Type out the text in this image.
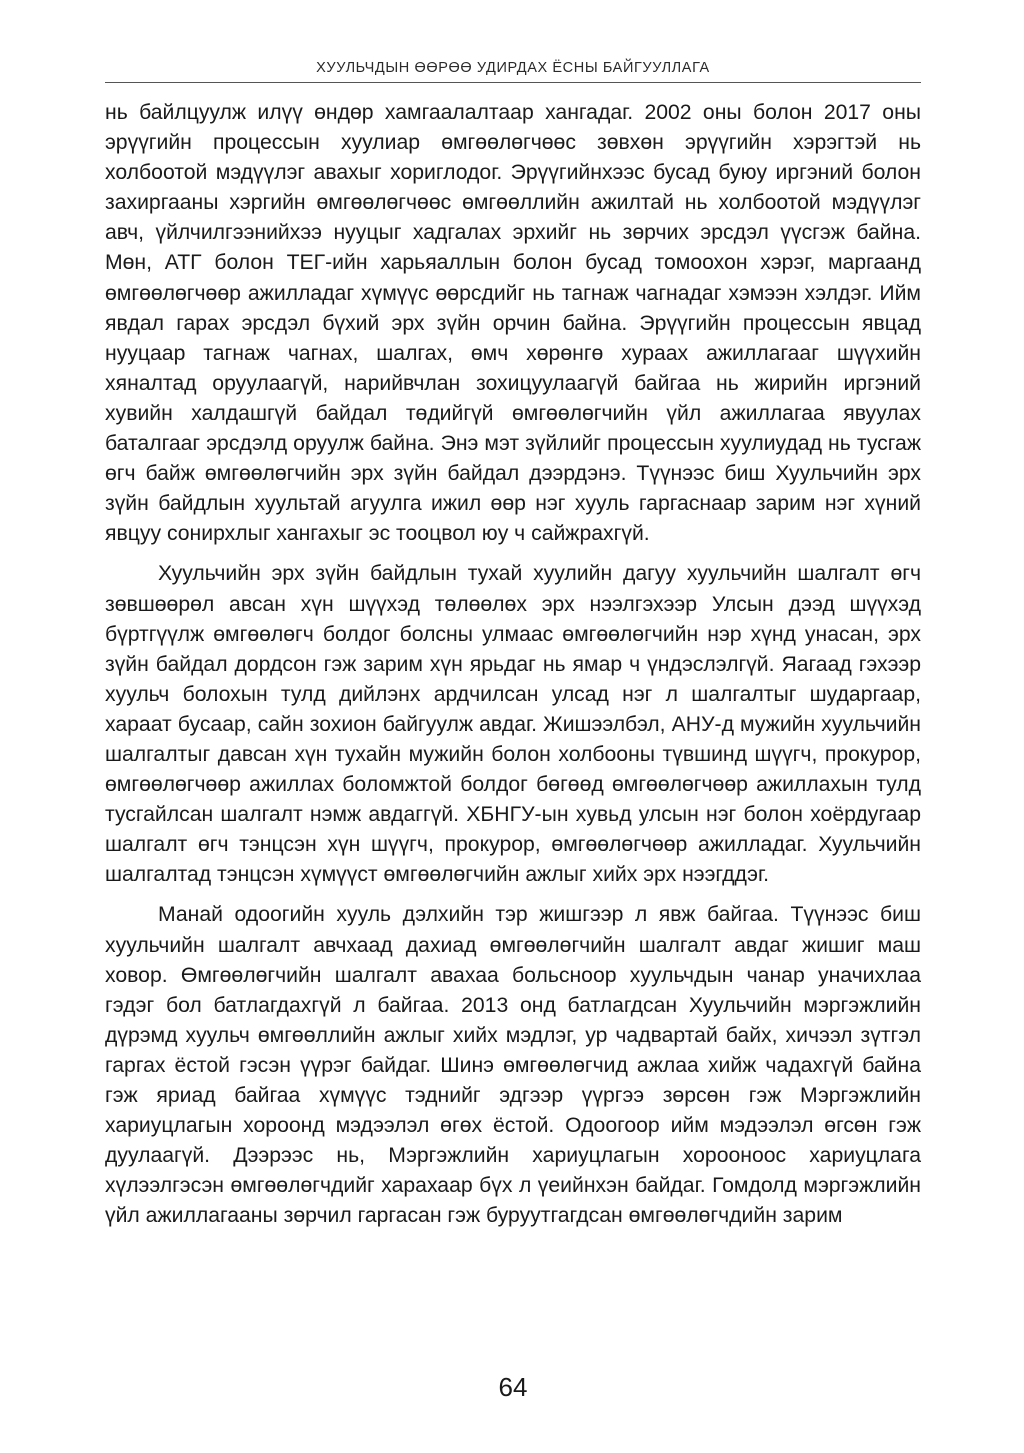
ХУУЛЬЧДЫН ӨӨРӨӨ УДИРДАХ ЁСНЫ БАЙГУУЛЛАГА

нь байлцуулж илүү өндөр хамгаалалтаар хангадаг. 2002 оны болон 2017 оны эрүүгийн процессын хуулиар өмгөөлөгчөөс зөвхөн эрүүгийн хэрэгтэй нь холбоотой мэдүүлэг авахыг хориглодог. Эрүүгийнхээс бусад буюу иргэний болон захиргааны хэргийн өмгөөлөгчөөс өмгөөллийн ажилтай нь холбоотой мэдүүлэг авч, үйлчилгээнийхээ нууцыг хадгалах эрхийг нь зөрчих эрсдэл үүсгэж байна. Мөн, АТГ болон ТЕГ-ийн харьяаллын болон бусад томоохон хэрэг, маргаанд өмгөөлөгчөөр ажилладаг хүмүүс өөрсдийг нь тагнаж чагнадаг хэмээн хэлдэг. Ийм явдал гарах эрсдэл бүхий эрх зүйн орчин байна. Эрүүгийн процессын явцад нууцаар тагнаж чагнах, шалгах, өмч хөрөнгө хураах ажиллагааг шүүхийн хяналтад оруулаагүй, нарийвчлан зохицуулаагүй байгаа нь жирийн иргэний хувийн халдашгүй байдал төдийгүй өмгөөлөгчийн үйл ажиллагаа явуулах баталгааг эрсдэлд оруулж байна. Энэ мэт зүйлийг процессын хуулиудад нь тусгаж өгч байж өмгөөлөгчийн эрх зүйн байдал дээрдэнэ. Түүнээс биш Хуульчийн эрх зүйн байдлын хуультай агуулга ижил өөр нэг хууль гаргаснаар зарим нэг хүний явцуу сонирхлыг хангахыг эс тооцвол юу ч сайжрахгүй.

Хуульчийн эрх зүйн байдлын тухай хуулийн дагуу хуульчийн шалгалт өгч зөвшөөрөл авсан хүн шүүхэд төлөөлөх эрх нээлгэхээр Улсын дээд шүүхэд бүртгүүлж өмгөөлөгч болдог болсны улмаас өмгөөлөгчийн нэр хүнд унасан, эрх зүйн байдал дордсон гэж зарим хүн ярьдаг нь ямар ч үндэслэлгүй. Яагаад гэхээр хуульч болохын тулд дийлэнх ардчилсан улсад нэг л шалгалтыг шударгаар, хараат бусаар, сайн зохион байгуулж авдаг. Жишээлбэл, АНУ-д мужийн хуульчийн шалгалтыг давсан хүн тухайн мужийн болон холбооны түвшинд шүүгч, прокурор, өмгөөлөгчөөр ажиллах боломжтой болдог бөгөөд өмгөөлөгчөөр ажиллахын тулд тусгайлсан шалгалт нэмж авдаггүй. ХБНГУ-ын хувьд улсын нэг болон хоёрдугаар шалгалт өгч тэнцсэн хүн шүүгч, прокурор, өмгөөлөгчөөр ажилладаг. Хуульчийн шалгалтад тэнцсэн хүмүүст өмгөөлөгчийн ажлыг хийх эрх нээгддэг.

Манай одоогийн хууль дэлхийн тэр жишгээр л явж байгаа. Түүнээс биш хуульчийн шалгалт авчхаад дахиад өмгөөлөгчийн шалгалт авдаг жишиг маш ховор. Өмгөөлөгчийн шалгалт авахаа больсноор хуульчдын чанар уначихлаа гэдэг бол батлагдахгүй л байгаа. 2013 онд батлагдсан Хуульчийн мэргэжлийн дүрэмд хуульч өмгөөллийн ажлыг хийх мэдлэг, ур чадвартай байх, хичээл зүтгэл гаргах ёстой гэсэн үүрэг байдаг. Шинэ өмгөөлөгчид ажлаа хийж чадахгүй байна гэж яриад байгаа хүмүүс тэднийг эдгээр үүргээ зөрсөн гэж Мэргэжлийн хариуцлагын хороонд мэдээлэл өгөх ёстой. Одоогоор ийм мэдээлэл өгсөн гэж дуулаагүй. Дээрээс нь, Мэргэжлийн хариуцлагын хорооноос хариуцлага хүлээлгэсэн өмгөөлөгчдийг харахаар бүх л үеийнхэн байдаг. Гомдолд мэргэжлийн үйл ажиллагааны зөрчил гаргасан гэж буруутгагдсан өмгөөлөгчдийн зарим

64
